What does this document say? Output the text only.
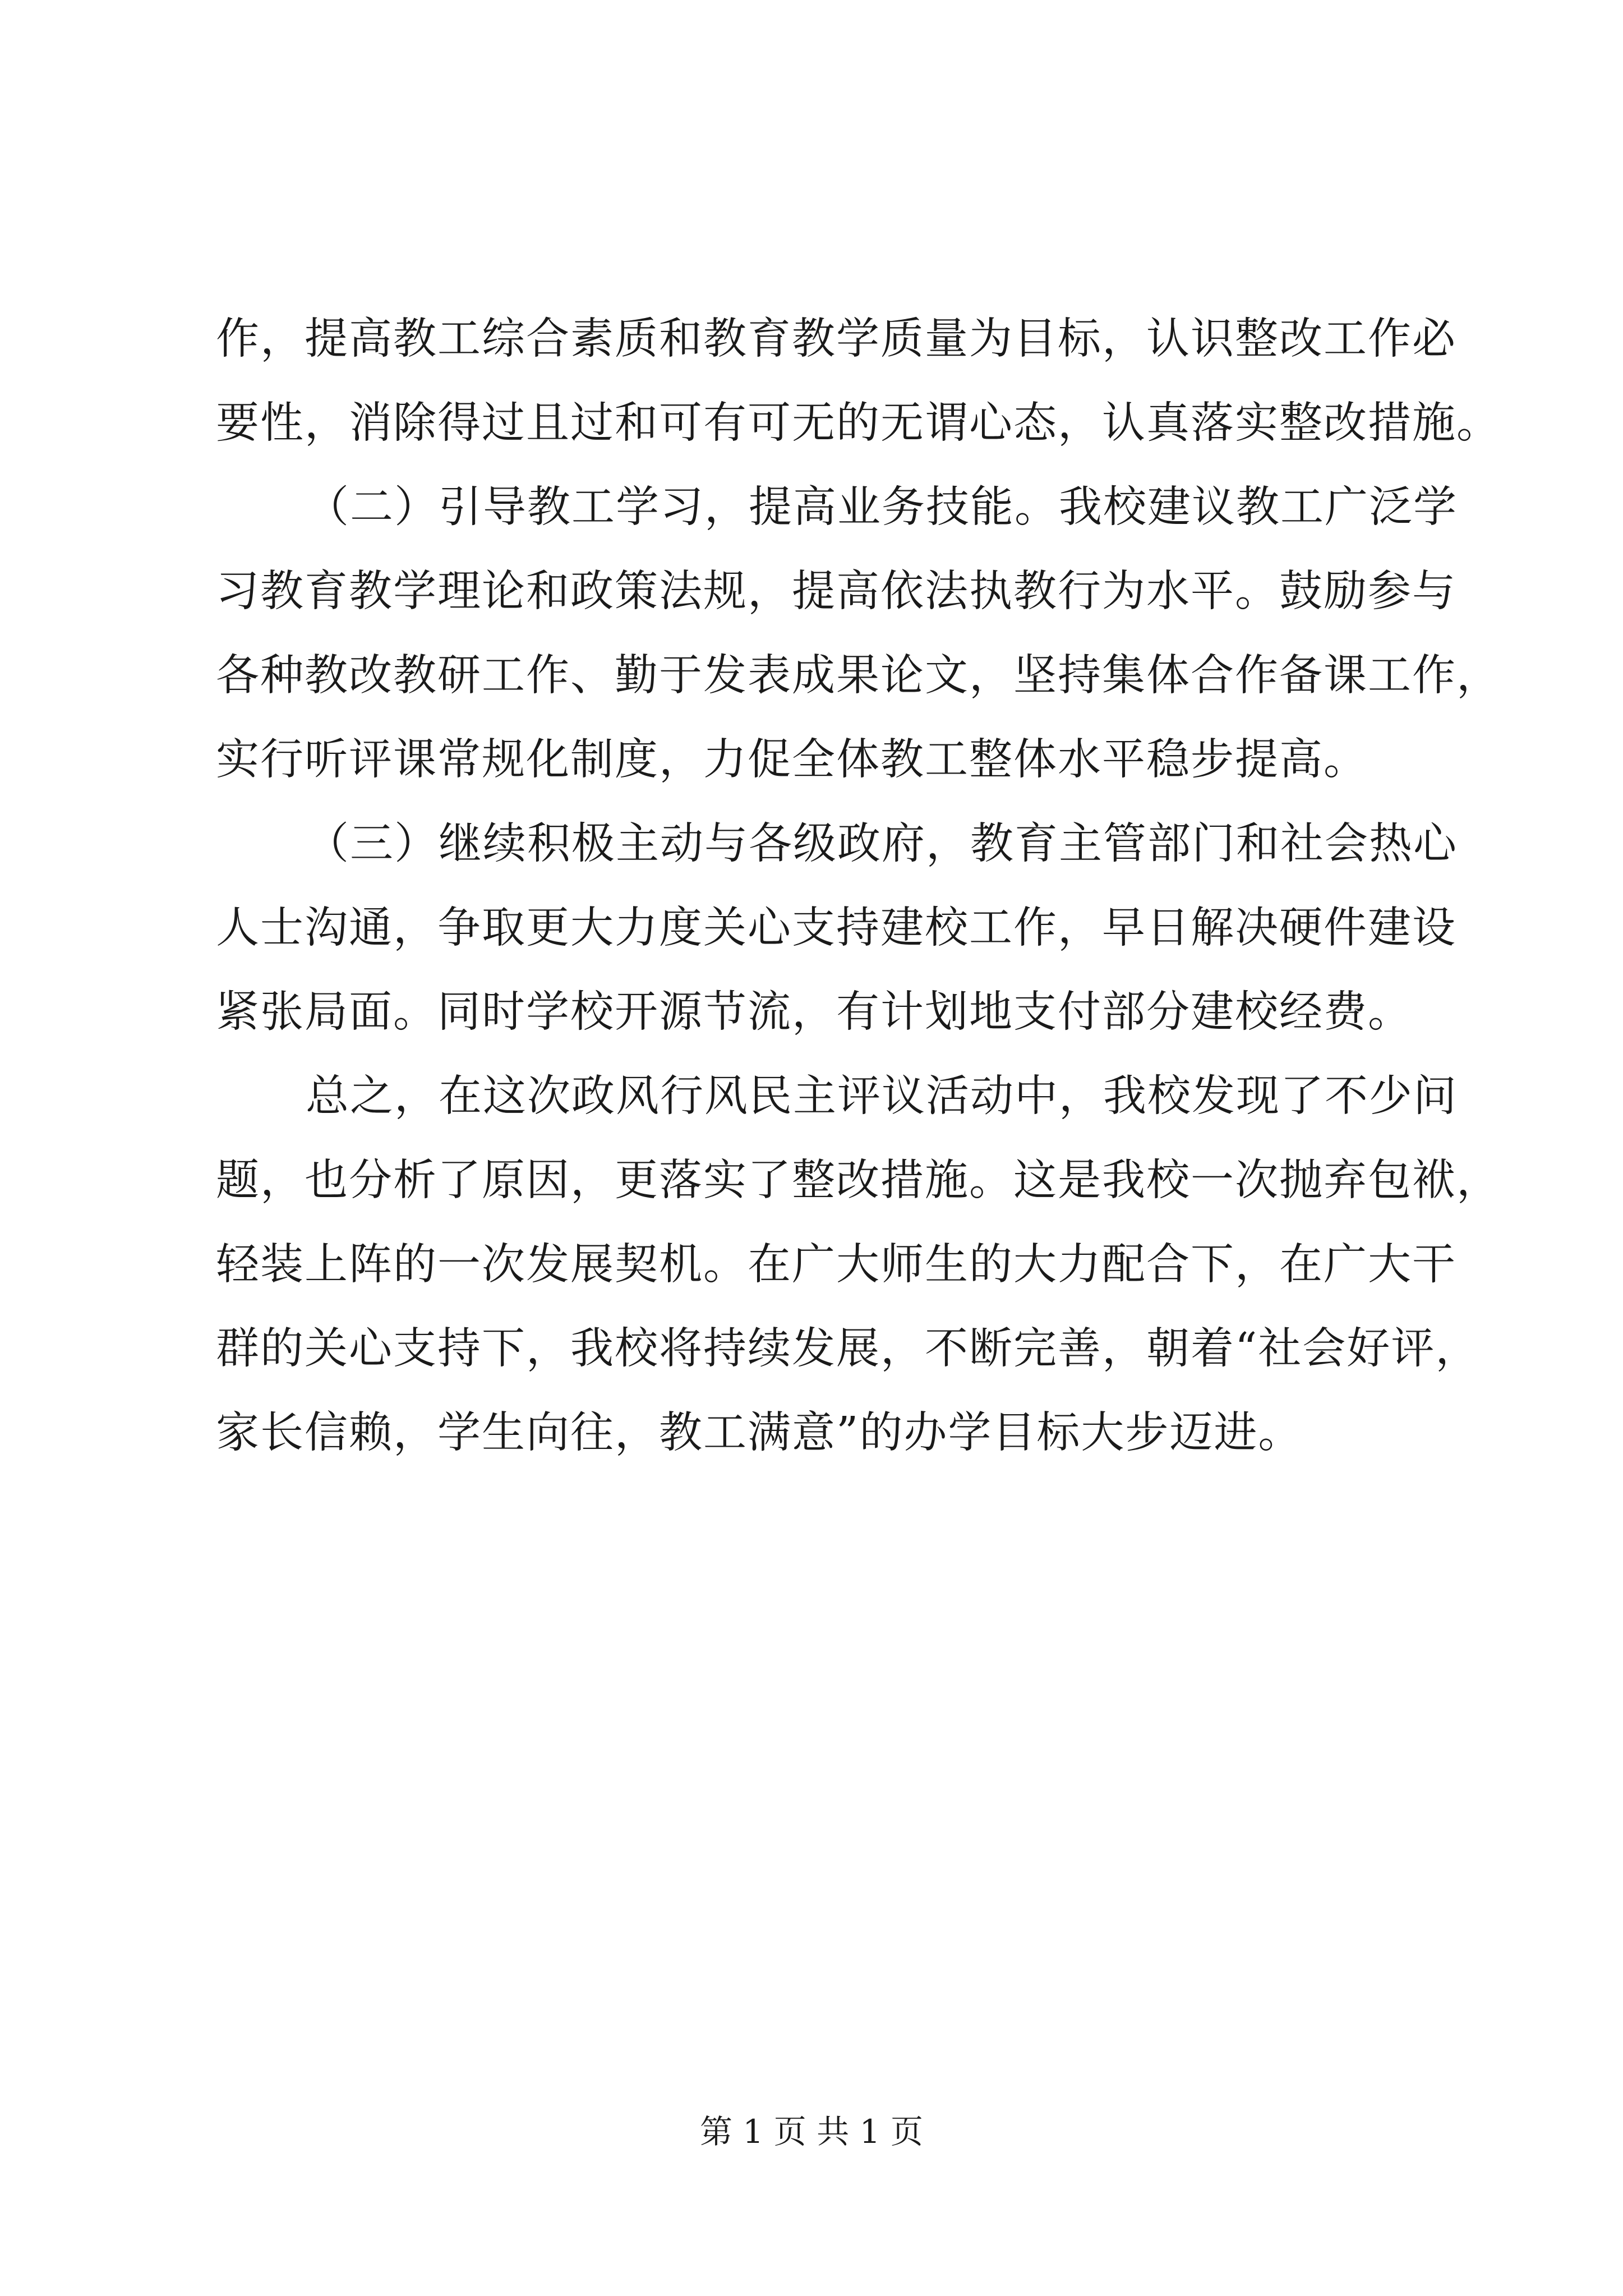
作，提高教工综合素质和教育教学质量为目标，认识整改工作必
要性，消除得过且过和可有可无的无谓心态，认真落实整改措施。
（二）引导教工学习，提高业务技能。我校建议教工广泛学
习教育教学理论和政策法规，提高依法执教行为水平。鼓励参与
各种教改教研工作、勤于发表成果论文，坚持集体合作备课工作，
实行听评课常规化制度，力促全体教工整体水平稳步提高。
（三）继续积极主动与各级政府，教育主管部门和社会热心
人士沟通，争取更大力度关心支持建校工作，早日解决硬件建设
紧张局面。同时学校开源节流，有计划地支付部分建校经费。
总之，在这次政风行风民主评议活动中，我校发现了不少问
题，也分析了原因，更落实了整改措施。这是我校一次抛弃包袱，
轻装上阵的一次发展契机。在广大师生的大力配合下，在广大干
群的关心支持下，我校将持续发展，不断完善，朝着“社会好评，
家长信赖，学生向往，教工满意”的办学目标大步迈进。
第 1 页 共 1 页
